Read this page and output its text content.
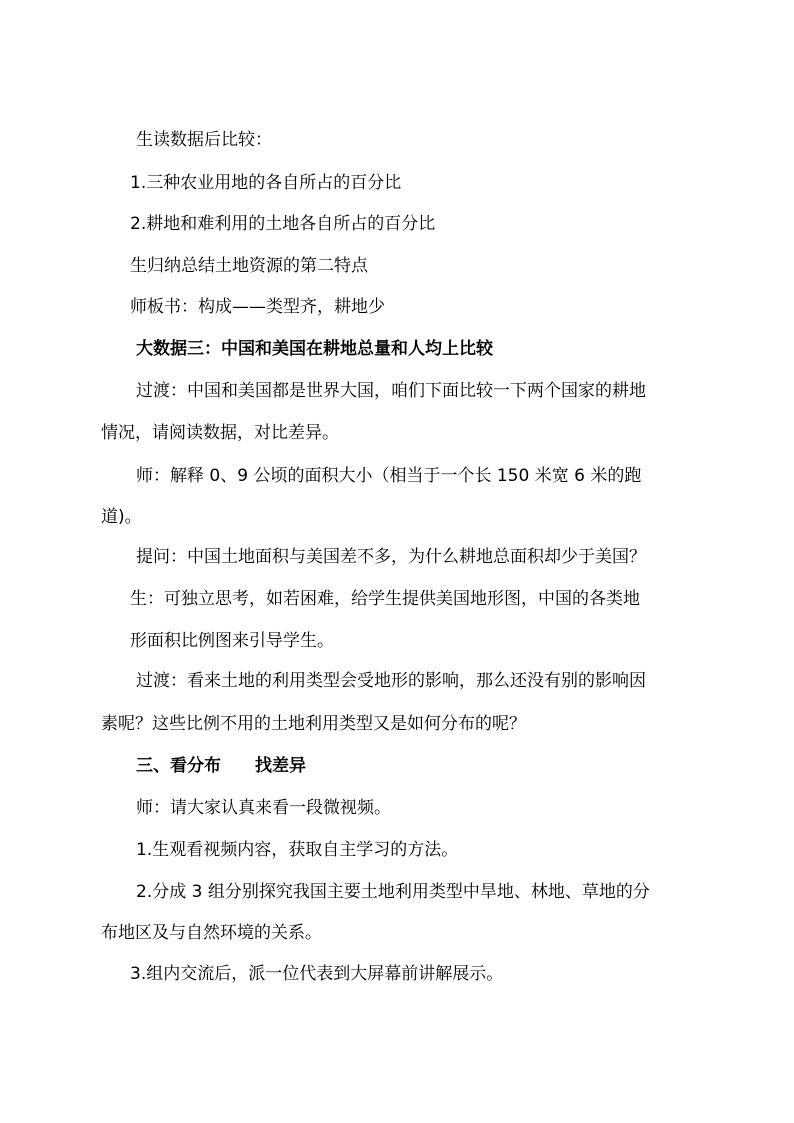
生读数据后比较：
1.三种农业用地的各自所占的百分比
2.耕地和难利用的土地各自所占的百分比
生归纳总结土地资源的第二特点
师板书：构成——类型齐，耕地少
大数据三：中国和美国在耕地总量和人均上比较
过渡：中国和美国都是世界大国，咱们下面比较一下两个国家的耕地
情况，请阅读数据，对比差异。
师：解释 0、9 公顷的面积大小（相当于一个长 150 米宽 6 米的跑
道)。
提问：中国土地面积与美国差不多，为什么耕地总面积却少于美国？
生：可独立思考，如若困难，给学生提供美国地形图，中国的各类地
形面积比例图来引导学生。
过渡：看来土地的利用类型会受地形的影响，那么还没有别的影响因
素呢？这些比例不用的土地利用类型又是如何分布的呢？
三、看分布　　找差异
师：请大家认真来看一段微视频。
1.生观看视频内容，获取自主学习的方法。
2.分成 3 组分别探究我国主要土地利用类型中旱地、林地、草地的分
布地区及与自然环境的关系。
3.组内交流后，派一位代表到大屏幕前讲解展示。
